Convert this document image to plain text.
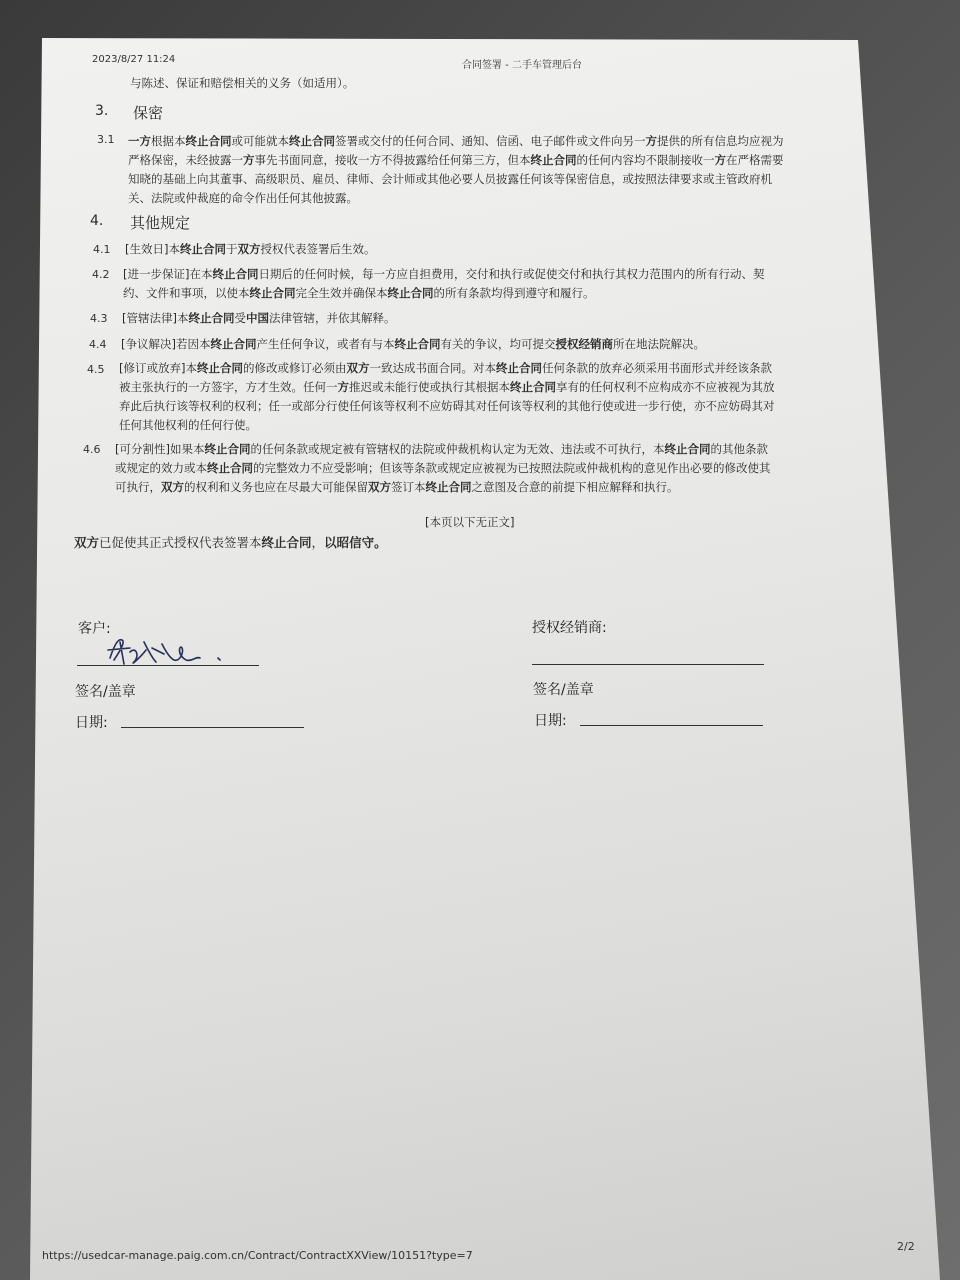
2023/8/27 11:24
合同签署 - 二手车管理后台
与陈述、保证和赔偿相关的义务（如适用）。
3. 保密
3.1 一方根据本终止合同或可能就本终止合同签署或交付的任何合同、通知、信函、电子邮件或文件向另一方提供的所有信息均应视为
严格保密，未经披露一方事先书面同意，接收一方不得披露给任何第三方，但本终止合同的任何内容均不限制接收一方在严格需要
知晓的基础上向其董事、高级职员、雇员、律师、会计师或其他必要人员披露任何该等保密信息，或按照法律要求或主管政府机
关、法院或仲裁庭的命令作出任何其他披露。
4. 其他规定
4.1 [生效日]本终止合同于双方授权代表签署后生效。
4.2 [进一步保证]在本终止合同日期后的任何时候，每一方应自担费用，交付和执行或促使交付和执行其权力范围内的所有行动、契
约、文件和事项，以使本终止合同完全生效并确保本终止合同的所有条款均得到遵守和履行。
4.3 [管辖法律]本终止合同受中国法律管辖，并依其解释。
4.4 [争议解决]若因本终止合同产生任何争议，或者有与本终止合同有关的争议，均可提交授权经销商所在地法院解决。
4.5 [修订或放弃]本终止合同的修改或修订必须由双方一致达成书面合同。对本终止合同任何条款的放弃必须采用书面形式并经该条款
被主张执行的一方签字，方才生效。任何一方推迟或未能行使或执行其根据本终止合同享有的任何权利不应构成亦不应被视为其放
弃此后执行该等权利的权利；任一或部分行使任何该等权利不应妨碍其对任何该等权利的其他行使或进一步行使，亦不应妨碍其对
任何其他权利的任何行使。
4.6 [可分割性]如果本终止合同的任何条款或规定被有管辖权的法院或仲裁机构认定为无效、违法或不可执行，本终止合同的其他条款
或规定的效力或本终止合同的完整效力不应受影响；但该等条款或规定应被视为已按照法院或仲裁机构的意见作出必要的修改使其
可执行，双方的权利和义务也应在尽最大可能保留双方签订本终止合同之意图及合意的前提下相应解释和执行。
[本页以下无正文]
双方已促使其正式授权代表签署本终止合同，以昭信守。
客户:
签名/盖章
日期:
授权经销商:
签名/盖章
日期:
https://usedcar-manage.paig.com.cn/Contract/ContractXXView/10151?type=7
2/2
